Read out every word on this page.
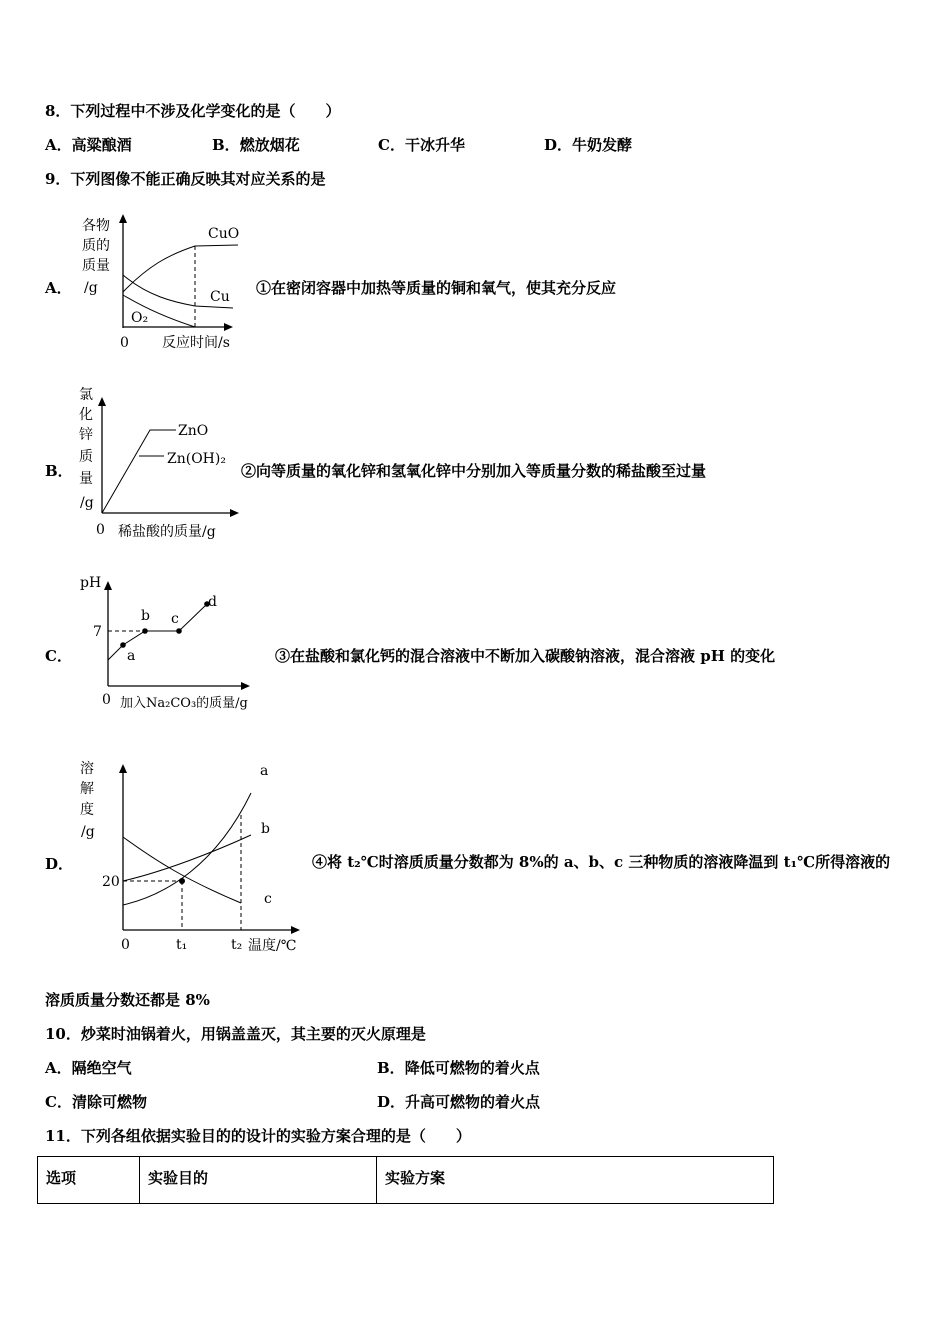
8．下列过程中不涉及化学变化的是（　　）
A．高粱酿酒	B．燃放烟花	C．干冰升华	D．牛奶发酵
9．下列图像不能正确反映其对应关系的是
A．
各物
质的
质量
/g
CuO
Cu
O₂
0 反应时间/s
①在密闭容器中加热等质量的铜和氧气，使其充分反应
B．
氯
化
锌
质
量
/g
ZnO
Zn(OH)₂
0 稀盐酸的质量/g
②向等质量的氧化锌和氢氧化锌中分别加入等质量分数的稀盐酸至过量
C．
pH
7
a
b c
d
0 加入Na₂CO₃的质量/g
③在盐酸和氯化钙的混合溶液中不断加入碳酸钠溶液，混合溶液 pH 的变化
D．
溶
解
度
/g
20
a
b
c
0	t₁	t₂ 温度/℃
④将 t₂℃时溶质质量分数都为 8%的 a、b、c 三种物质的溶液降温到 t₁℃所得溶液的
溶质质量分数还都是 8%
10．炒菜时油锅着火，用锅盖盖灭，其主要的灭火原理是
A．隔绝空气	B．降低可燃物的着火点
C．清除可燃物	D．升高可燃物的着火点
11．下列各组依据实验目的的设计的实验方案合理的是（　　）
选项	实验目的	实验方案
